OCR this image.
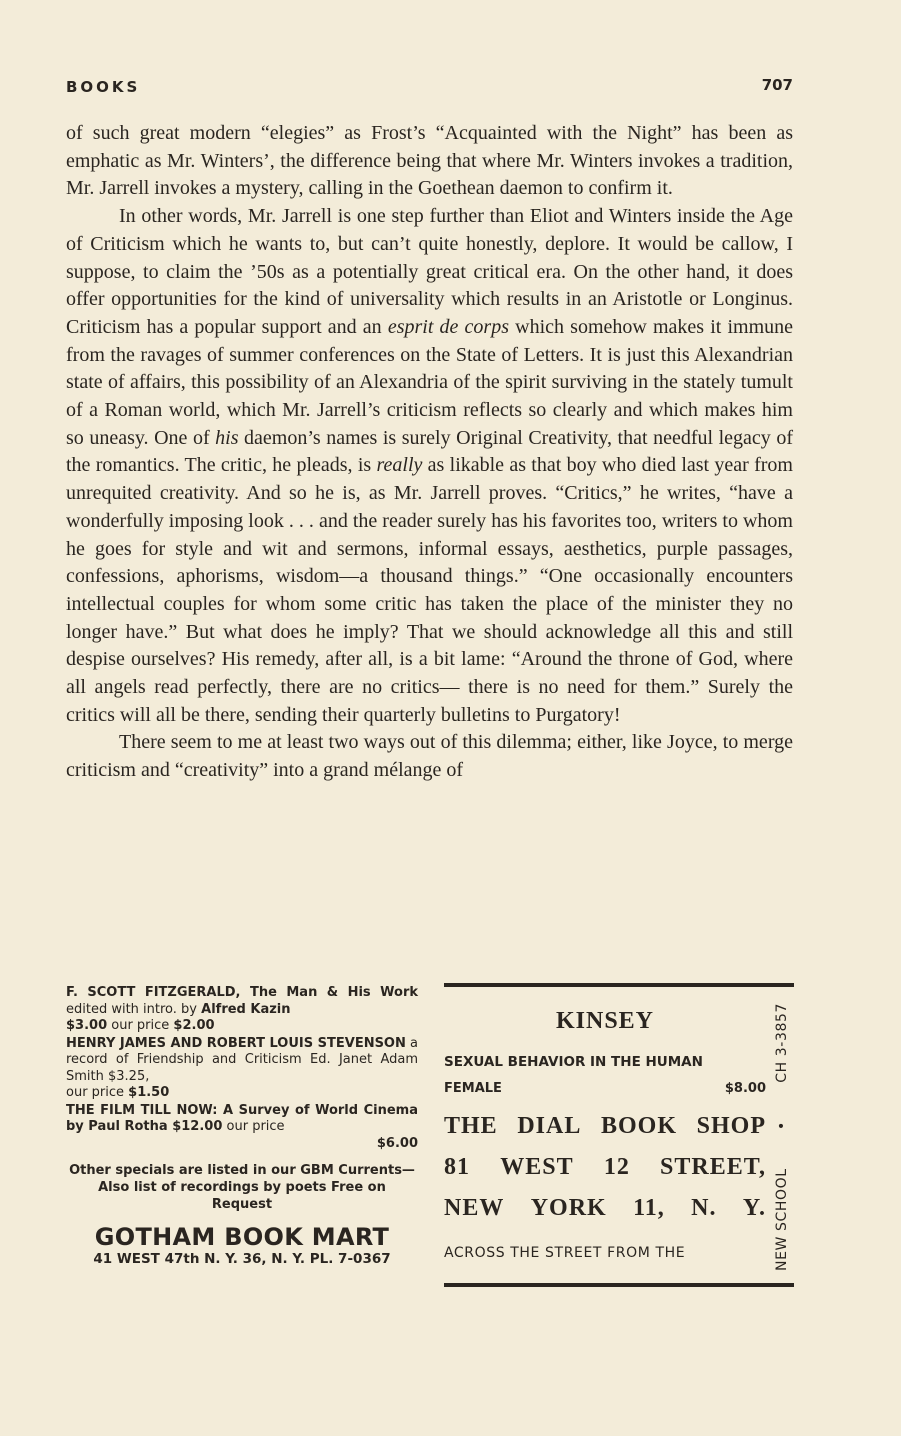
BOOKS	707

of such great modern “elegies” as Frost’s “Acquainted with the Night” has been as emphatic as Mr. Winters’, the difference being that where Mr. Winters invokes a tradition, Mr. Jarrell invokes a mystery, calling in the Goethean daemon to confirm it.

In other words, Mr. Jarrell is one step further than Eliot and Winters inside the Age of Criticism which he wants to, but can’t quite honestly, deplore. It would be callow, I suppose, to claim the ’50s as a potentially great critical era. On the other hand, it does offer opportunities for the kind of universality which results in an Aristotle or Longinus. Criticism has a popular support and an esprit de corps which somehow makes it immune from the ravages of summer conferences on the State of Letters. It is just this Alexandrian state of affairs, this possibility of an Alexandria of the spirit surviving in the stately tumult of a Roman world, which Mr. Jarrell’s criticism reflects so clearly and which makes him so uneasy. One of his daemon’s names is surely Original Creativity, that needful legacy of the romantics. The critic, he pleads, is really as likable as that boy who died last year from unrequited creativity. And so he is, as Mr. Jarrell proves. “Critics,” he writes, “have a wonderfully imposing look . . . and the reader surely has his favorites too, writers to whom he goes for style and wit and sermons, informal essays, aesthetics, purple passages, confessions, aphorisms, wisdom—a thousand things.” “One occasionally encounters intellectual couples for whom some critic has taken the place of the minister they no longer have.” But what does he imply? That we should acknowledge all this and still despise ourselves? His remedy, after all, is a bit lame: “Around the throne of God, where all angels read perfectly, there are no critics— there is no need for them.” Surely the critics will all be there, sending their quarterly bulletins to Purgatory!

There seem to me at least two ways out of this dilemma; either, like Joyce, to merge criticism and “creativity” into a grand mélange of

F. SCOTT FITZGERALD, The Man & His Work edited with intro. by Alfred Kazin
$3.00 our price $2.00
HENRY JAMES AND ROBERT LOUIS STEVENSON a record of Friendship and Criticism Ed. Janet Adam Smith $3.25,
our price $1.50
THE FILM TILL NOW: A Survey of World Cinema by Paul Rotha $12.00 our price
$6.00
Other specials are listed in our GBM Currents—Also list of recordings by poets Free on Request
GOTHAM BOOK MART
41 WEST 47th N. Y. 36, N. Y. PL. 7-0367
KINSEY
SEXUAL BEHAVIOR IN THE HUMAN
FEMALE	$8.00
THE DIAL BOOK SHOP
81 WEST 12 STREET,
NEW YORK 11, N. Y.
ACROSS THE STREET FROM THE	NEW SCHOOL
•
CH 3-3857
